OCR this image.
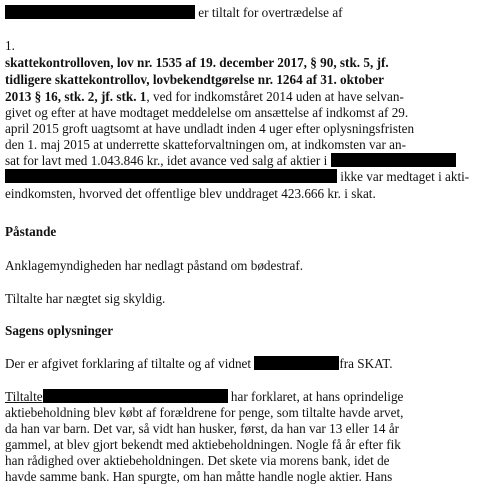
er tiltalt for overtrædelse af
1.
skattekontrolloven, lov nr. 1535 af 19. december 2017, § 90, stk. 5, jf.
tidligere skattekontrollov, lovbekendtgørelse nr. 1264 af 31. oktober
2013 § 16, stk. 2, jf. stk. 1, ved for indkomståret 2014 uden at have selvan-
givet og efter at have modtaget meddelelse om ansættelse af indkomst af 29.
april 2015 groft uagtsomt at have undladt inden 4 uger efter oplysningsfristen
den 1. maj 2015 at underrette skatteforvaltningen om, at indkomsten var an-
sat for lavt med 1.043.846 kr., idet avance ved salg af aktier i
ikke var medtaget i akti-
eindkomsten, hvorved det offentlige blev unddraget 423.666 kr. i skat.
Påstande
Anklagemyndigheden har nedlagt påstand om bødestraf.
Tiltalte har nægtet sig skyldig.
Sagens oplysninger
Der er afgivet forklaring af tiltalte og af vidnet	fra SKAT.
Tiltalte	har forklaret, at hans oprindelige
aktiebeholdning blev købt af forældrene for penge, som tiltalte havde arvet,
da han var barn. Det var, så vidt han husker, først, da han var 13 eller 14 år
gammel, at blev gjort bekendt med aktiebeholdningen. Nogle få år efter fik
han rådighed over aktiebeholdningen. Det skete via morens bank, idet de
havde samme bank. Han spurgte, om han måtte handle nogle aktier. Hans
